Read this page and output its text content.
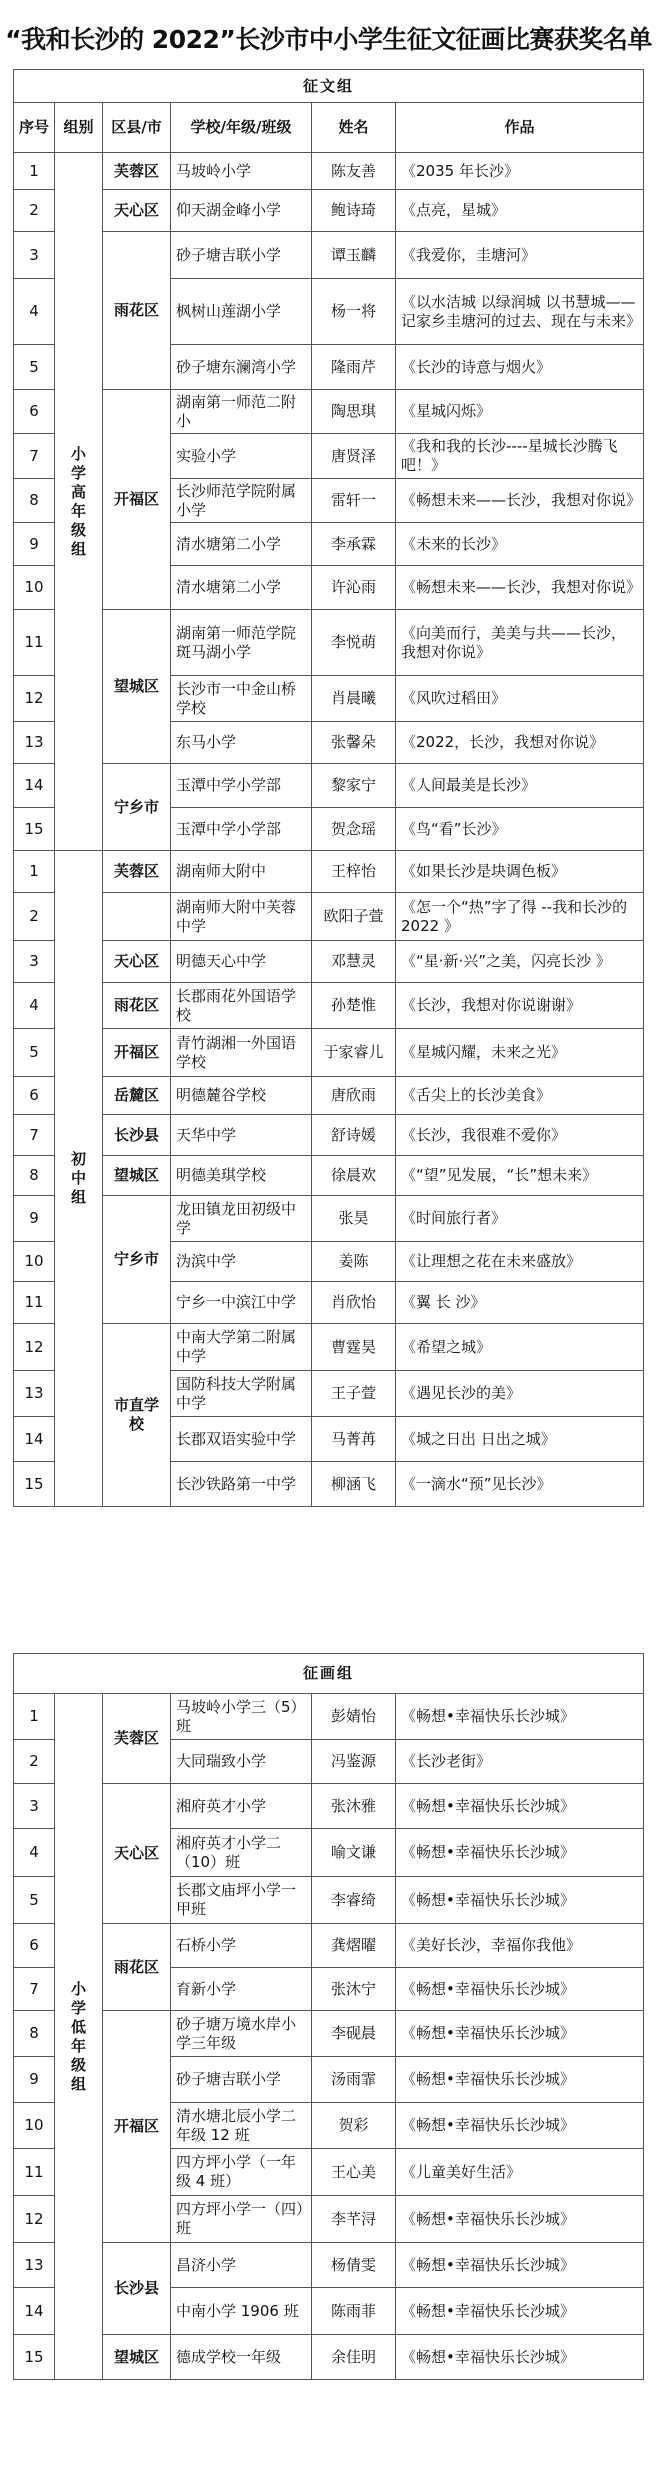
“我和长沙的 2022”长沙市中小学生征文征画比赛获奖名单
征文组					
序号	组别	区县/市	学校/年级/班级	姓名	作品
1	小学高年级组	芙蓉区	马坡岭小学	陈友善	《2035 年长沙》
2		天心区	仰天湖金峰小学	鲍诗琦	《点亮，星城》
3		雨花区	砂子塘吉联小学	谭玉麟	《我爱你，圭塘河》
4			枫树山莲湖小学	杨一将	《以水洁城 以绿润城 以书慧城——记家乡圭塘河的过去、现在与未来》
5			砂子塘东澜湾小学	隆雨芹	《长沙的诗意与烟火》
6		开福区	湖南第一师范二附小	陶思琪	《星城闪烁》
7			实验小学	唐贤泽	《我和我的长沙----星城长沙腾飞吧！》
8			长沙师范学院附属小学	雷轩一	《畅想未来——长沙，我想对你说》
9			清水塘第二小学	李承霖	《未来的长沙》
10			清水塘第二小学	许沁雨	《畅想未来——长沙，我想对你说》
11		望城区	湖南第一师范学院斑马湖小学	李悦萌	《向美而行，美美与共——长沙，我想对你说》
12			长沙市一中金山桥学校	肖晨曦	《风吹过稻田》
13			东马小学	张馨朵	《2022，长沙，我想对你说》
14		宁乡市	玉潭中学小学部	黎家宁	《人间最美是长沙》
15			玉潭中学小学部	贺念瑶	《鸟“看”长沙》
1	初中组	芙蓉区	湖南师大附中	王梓怡	《如果长沙是块调色板》
2			湖南师大附中芙蓉中学	欧阳子萱	《怎一个“热”字了得 --我和长沙的 2022 》
3		天心区	明德天心中学	邓慧灵	《“星·新·兴”之美，闪亮长沙 》
4		雨花区	长郡雨花外国语学校	孙楚惟	《长沙，我想对你说谢谢》
5		开福区	青竹湖湘一外国语学校	于家睿儿	《星城闪耀，未来之光》
6		岳麓区	明德麓谷学校	唐欣雨	《舌尖上的长沙美食》
7		长沙县	天华中学	舒诗媛	《长沙，我很难不爱你》
8		望城区	明德美琪学校	徐晨欢	《“望”见发展，“长”想未来》
9		宁乡市	龙田镇龙田初级中学	张昊	《时间旅行者》
10			沩滨中学	姜陈	《让理想之花在未来盛放》
11			宁乡一中滨江中学	肖欣怡	《翼 长 沙》
12		市直学校	中南大学第二附属中学	曹霆昊	《希望之城》
13			国防科技大学附属中学	王子萱	《遇见长沙的美》
14			长郡双语实验中学	马菁苒	《城之日出 日出之城》
15			长沙铁路第一中学	柳涵飞	《一滴水“预”见长沙》
征画组					
1	小学低年级组	芙蓉区	马坡岭小学三（5）班	彭婧怡	《畅想•幸福快乐长沙城》
2			大同瑞致小学	冯鉴源	《长沙老街》
3		天心区	湘府英才小学	张沐雅	《畅想•幸福快乐长沙城》
4			湘府英才小学二（10）班	喻文谦	《畅想•幸福快乐长沙城》
5			长郡文庙坪小学一甲班	李睿绮	《畅想•幸福快乐长沙城》
6		雨花区	石桥小学	龚熠曜	《美好长沙，幸福你我他》
7			育新小学	张沐宁	《畅想•幸福快乐长沙城》
8		开福区	砂子塘万境水岸小学三年级	李砚晨	《畅想•幸福快乐长沙城》
9			砂子塘吉联小学	汤雨霏	《畅想•幸福快乐长沙城》
10			清水塘北辰小学二年级 12 班	贺彩	《畅想•幸福快乐长沙城》
11			四方坪小学（一年级 4 班）	王心美	《儿童美好生活》
12			四方坪小学一（四）班	李芊浔	《畅想•幸福快乐长沙城》
13		长沙县	昌济小学	杨倩雯	《畅想•幸福快乐长沙城》
14			中南小学 1906 班	陈雨菲	《畅想•幸福快乐长沙城》
15		望城区	德成学校一年级	余佳明	《畅想•幸福快乐长沙城》
